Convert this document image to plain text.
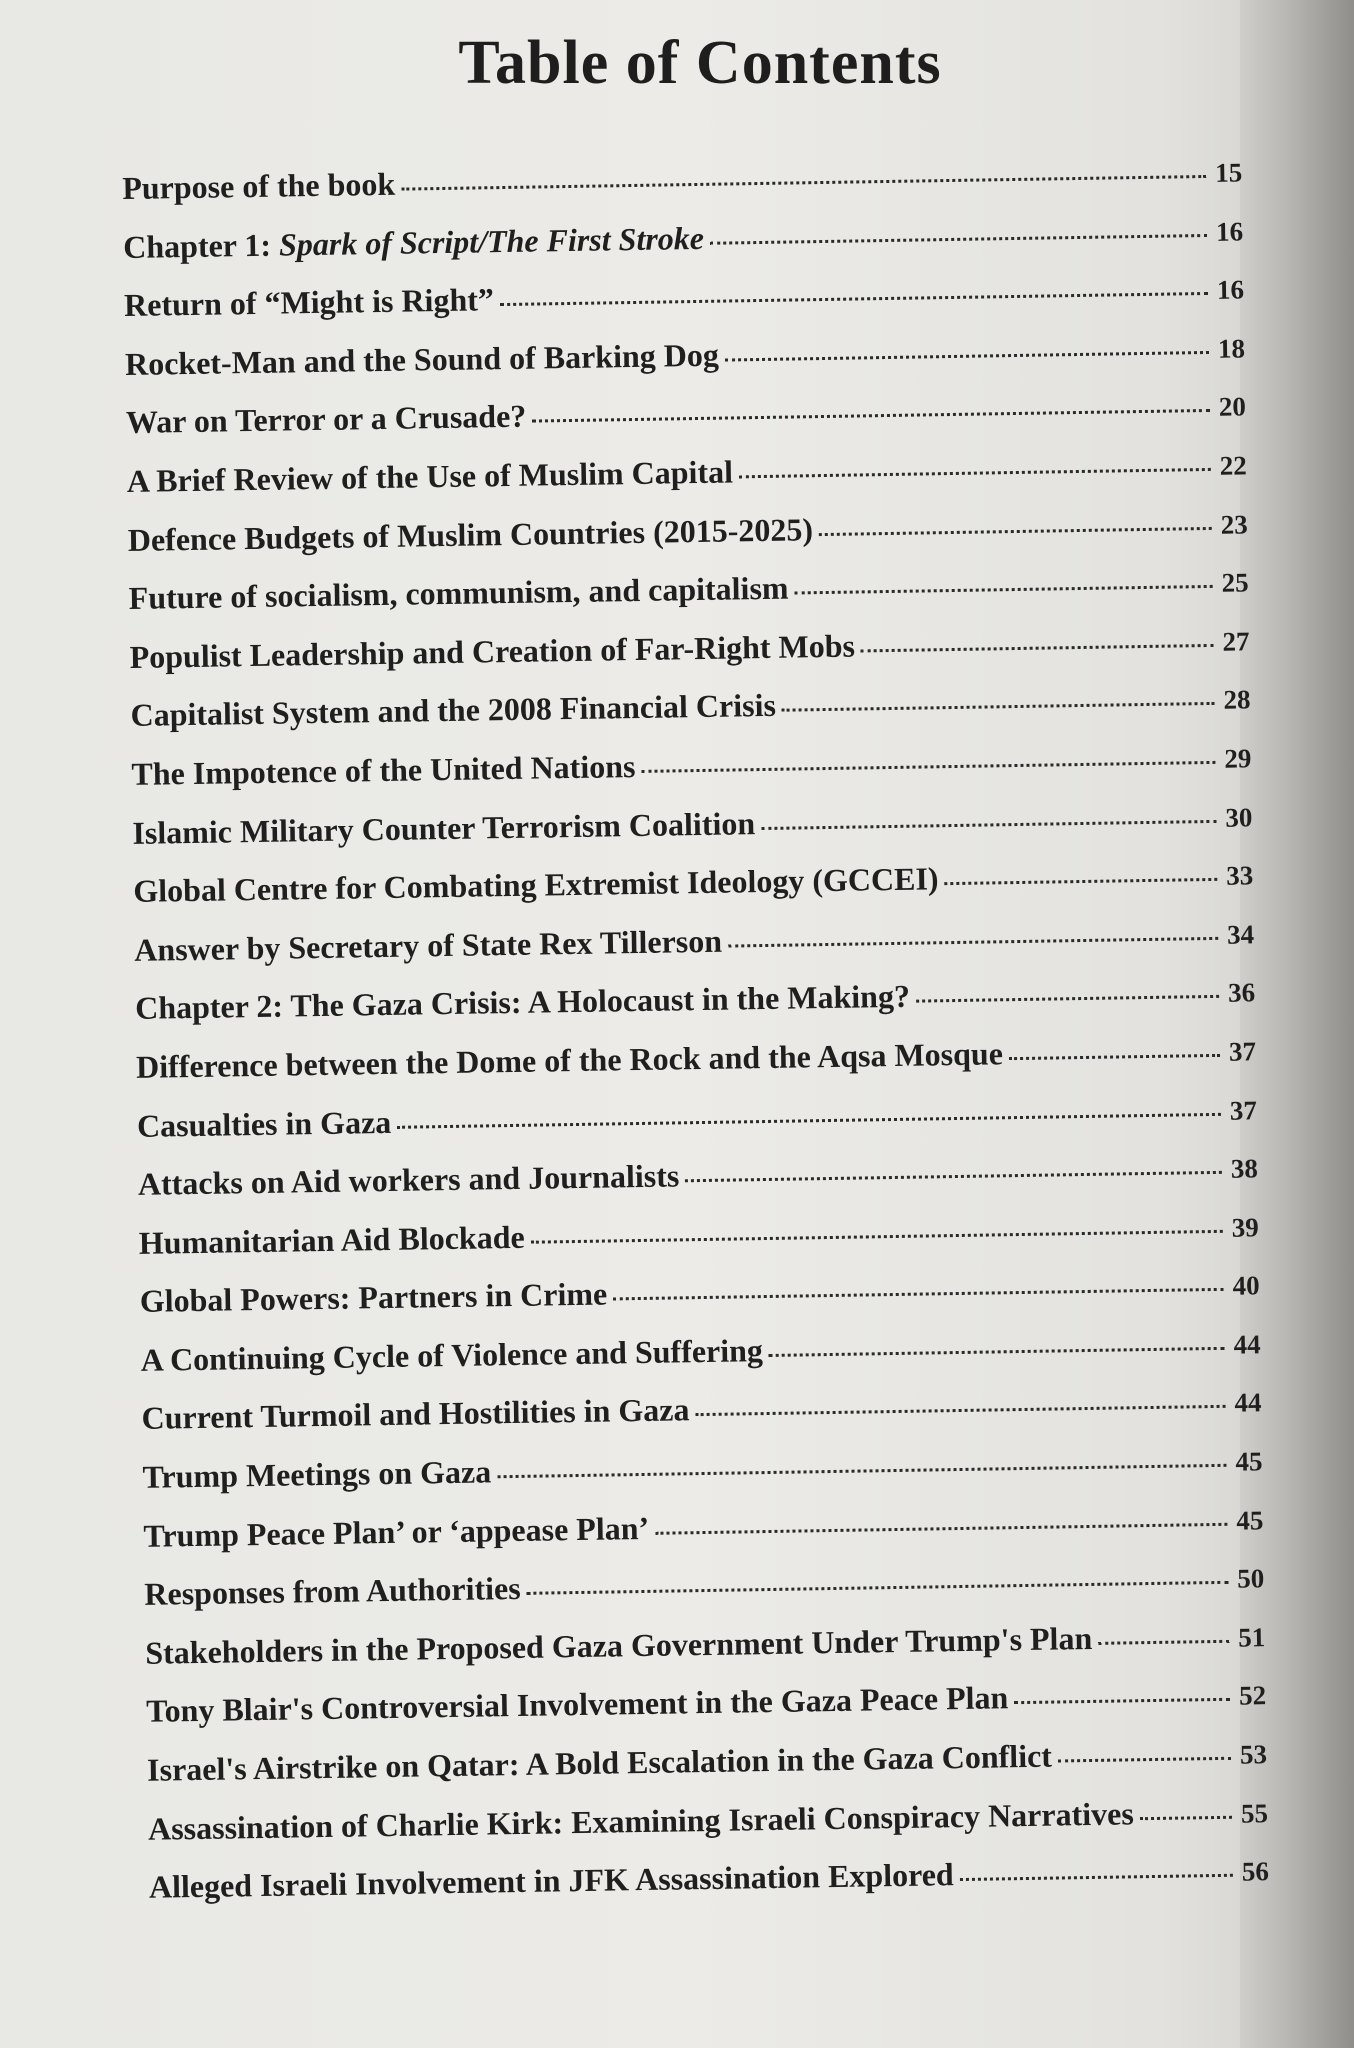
Table of Contents
Purpose of the book	15
Chapter 1: Spark of Script/The First Stroke	16
Return of “Might is Right”	16
Rocket-Man and the Sound of Barking Dog	18
War on Terror or a Crusade?	20
A Brief Review of the Use of Muslim Capital	22
Defence Budgets of Muslim Countries (2015-2025)	23
Future of socialism, communism, and capitalism	25
Populist Leadership and Creation of Far-Right Mobs	27
Capitalist System and the 2008 Financial Crisis	28
The Impotence of the United Nations	29
Islamic Military Counter Terrorism Coalition	30
Global Centre for Combating Extremist Ideology (GCCEI)	33
Answer by Secretary of State Rex Tillerson	34
Chapter 2: The Gaza Crisis: A Holocaust in the Making?	36
Difference between the Dome of the Rock and the Aqsa Mosque	37
Casualties in Gaza	37
Attacks on Aid workers and Journalists	38
Humanitarian Aid Blockade	39
Global Powers: Partners in Crime	40
A Continuing Cycle of Violence and Suffering	44
Current Turmoil and Hostilities in Gaza	44
Trump Meetings on Gaza	45
Trump Peace Plan’ or ‘appease Plan’	45
Responses from Authorities	50
Stakeholders in the Proposed Gaza Government Under Trump's Plan	51
Tony Blair's Controversial Involvement in the Gaza Peace Plan	52
Israel's Airstrike on Qatar: A Bold Escalation in the Gaza Conflict	53
Assassination of Charlie Kirk: Examining Israeli Conspiracy Narratives	55
Alleged Israeli Involvement in JFK Assassination Explored	56
